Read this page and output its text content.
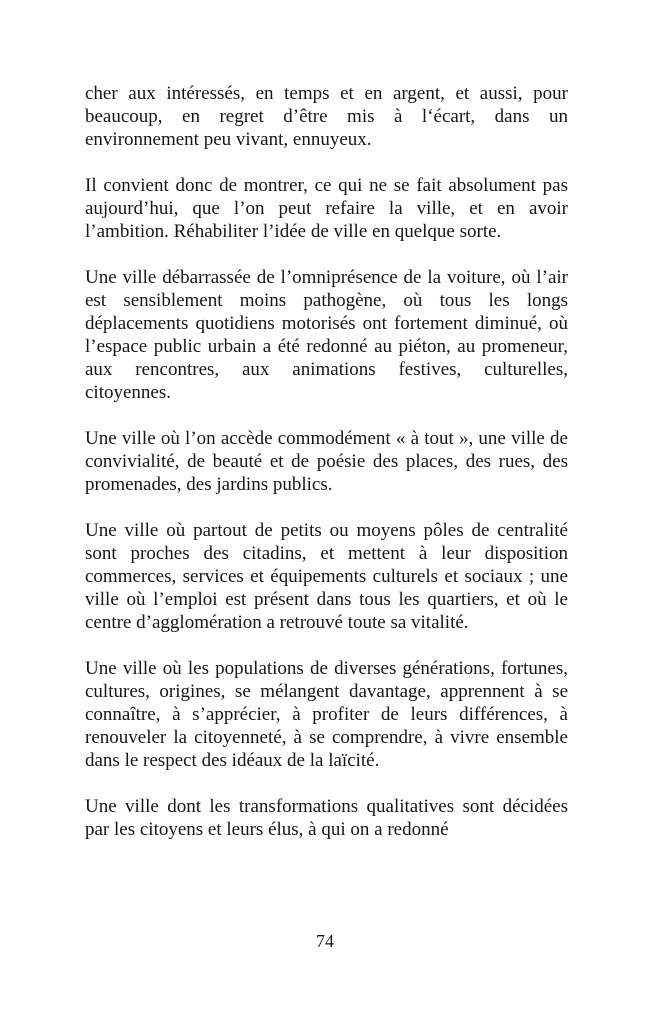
cher aux intéressés, en temps et en argent, et aussi, pour beaucoup, en regret d’être mis à l‘écart, dans un environnement peu vivant, ennuyeux.

Il convient donc de montrer, ce qui ne se fait absolument pas aujourd’hui, que l’on peut refaire la ville, et en avoir l’ambition. Réhabiliter l’idée de ville en quelque sorte.

Une ville débarrassée de l’omniprésence de la voiture, où l’air est sensiblement moins pathogène, où tous les longs déplacements quotidiens motorisés ont fortement diminué, où l’espace public urbain a été redonné au piéton, au promeneur, aux rencontres, aux animations festives, culturelles, citoyennes.

Une ville où l’on accède commodément « à tout », une ville de convivialité, de beauté et de poésie des places, des rues, des promenades, des jardins publics.

Une ville où partout de petits ou moyens pôles de centralité sont proches des citadins, et mettent à leur disposition commerces, services et équipements culturels et sociaux ; une ville où l’emploi est présent dans tous les quartiers, et où le centre d’agglomération a retrouvé toute sa vitalité.

Une ville où les populations de diverses générations, fortunes, cultures, origines, se mélangent davantage, apprennent à se connaître, à s’apprécier, à profiter de leurs différences, à renouveler la citoyenneté, à se comprendre, à vivre ensemble dans le respect des idéaux de la laïcité.

Une ville dont les transformations qualitatives sont décidées par les citoyens et leurs élus, à qui on a redonné

74
